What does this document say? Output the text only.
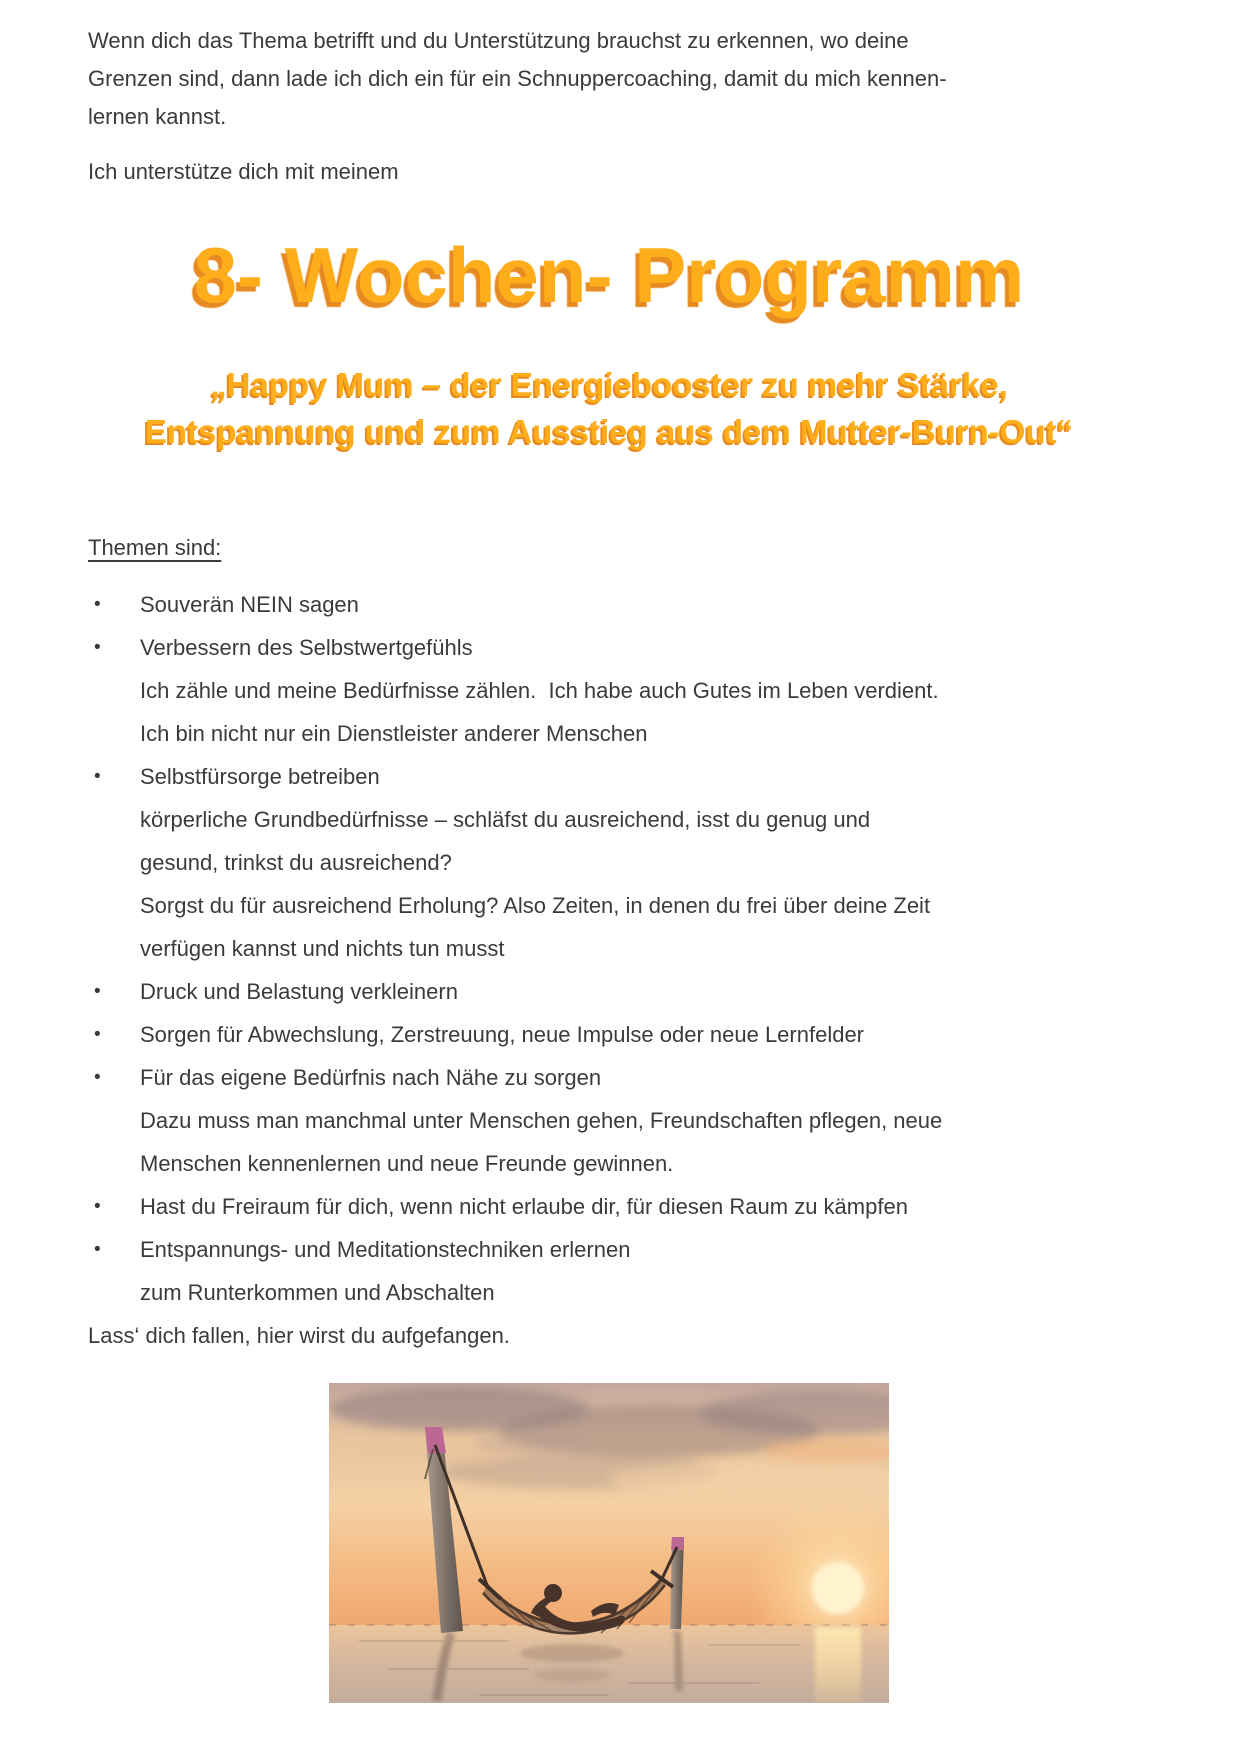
Wenn dich das Thema betrifft und du Unterstützung brauchst zu erkennen, wo deine
Grenzen sind, dann lade ich dich ein für ein Schnuppercoaching, damit du mich kennen-
lernen kannst.
Ich unterstütze dich mit meinem
8- Wochen- Programm
„Happy Mum – der Energiebooster zu mehr Stärke,
Entspannung und zum Ausstieg aus dem Mutter-Burn-Out“
Themen sind:
•	Souverän NEIN sagen
•	Verbessern des Selbstwertgefühls
Ich zähle und meine Bedürfnisse zählen.  Ich habe auch Gutes im Leben verdient.
Ich bin nicht nur ein Dienstleister anderer Menschen
•	Selbstfürsorge betreiben
körperliche Grundbedürfnisse – schläfst du ausreichend, isst du genug und
gesund, trinkst du ausreichend?
Sorgst du für ausreichend Erholung? Also Zeiten, in denen du frei über deine Zeit
verfügen kannst und nichts tun musst
•	Druck und Belastung verkleinern
•	Sorgen für Abwechslung, Zerstreuung, neue Impulse oder neue Lernfelder
•	Für das eigene Bedürfnis nach Nähe zu sorgen
Dazu muss man manchmal unter Menschen gehen, Freundschaften pflegen, neue
Menschen kennenlernen und neue Freunde gewinnen.
•	Hast du Freiraum für dich, wenn nicht erlaube dir, für diesen Raum zu kämpfen
•	Entspannungs- und Meditationstechniken erlernen
zum Runterkommen und Abschalten
Lass‘ dich fallen, hier wirst du aufgefangen.
